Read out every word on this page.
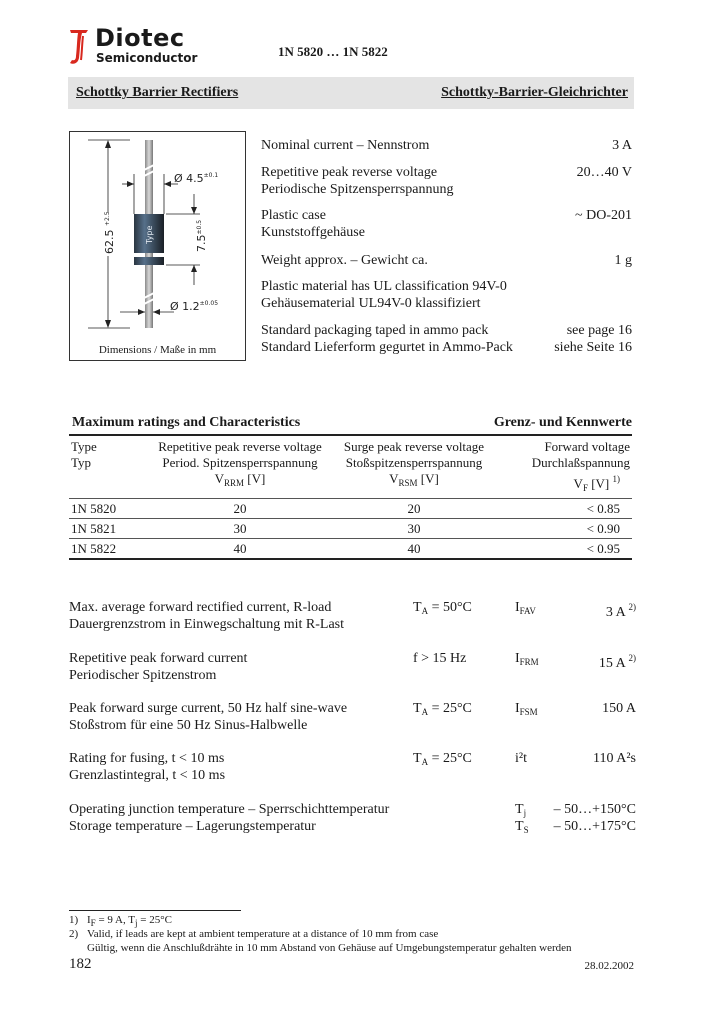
Diotec
Semiconductor	1N 5820 … 1N 5822
Schottky Barrier Rectifiers	Schottky-Barrier-Gleichrichter
Type
62.5 $^{+2.5}$
Ø $4.5^{\pm 0.1}$
$7.5^{\pm 0.5}$
Ø $1.2^{\pm 0.05}$
Dimensions / Maße in mm
Nominal current – Nennstrom	3 A
Repetitive peak reverse voltage
Periodische Spitzensperrspannung
20…40 V
Plastic case
Kunststoffgehäuse
~ DO-201
Weight approx. – Gewicht ca.	1 g
Plastic material has UL classification 94V-0
Gehäusematerial UL94V-0 klassifiziert
Standard packaging taped in ammo pack
Standard Lieferform gegurtet in Ammo-Pack
see page 16
siehe Seite 16
Maximum ratings and Characteristics	Grenz- und Kennwerte
Type
Typ

Repetitive peak reverse voltage
Period. Spitzensperrspannung
$V_{RRM}$ [V]

Surge peak reverse voltage
Stoßspitzensperrspannung
$V_{RSM}$ [V]

Forward voltage
Durchlaßspannung
$V_F$ [V] $^{1)}$

1N 5820	20	20	< 0.85
1N 5821	30	30	< 0.90
1N 5822	40	40	< 0.95
Max. average forward rectified current, R-load
Dauergrenzstrom in Einwegschaltung mit R-Last
$T_A = 50^\circ C$	$I_{FAV}$	3 A $^{2)}$
Repetitive peak forward current
Periodischer Spitzenstrom
f > 15 Hz	$I_{FRM}$	15 A $^{2)}$
Peak forward surge current, 50 Hz half sine-wave
Stoßstrom für eine 50 Hz Sinus-Halbwelle
$T_A = 25^\circ C$	$I_{FSM}$	150 A
Rating for fusing, t < 10 ms
Grenzlastintegral, t < 10 ms
$T_A = 25^\circ C$	i²t	110 A²s
Operating junction temperature – Sperrschichttemperatur	$T_j$ – 50…+150°C
Storage temperature – Lagerungstemperatur	$T_S$ – 50…+175°C
1) $I_F = 9$ A, $T_j = 25^\circ C$
2) Valid, if leads are kept at ambient temperature at a distance of 10 mm from case
Gültig, wenn die Anschlußdrähte in 10 mm Abstand von Gehäuse auf Umgebungstemperatur gehalten werden
182	28.02.2002
